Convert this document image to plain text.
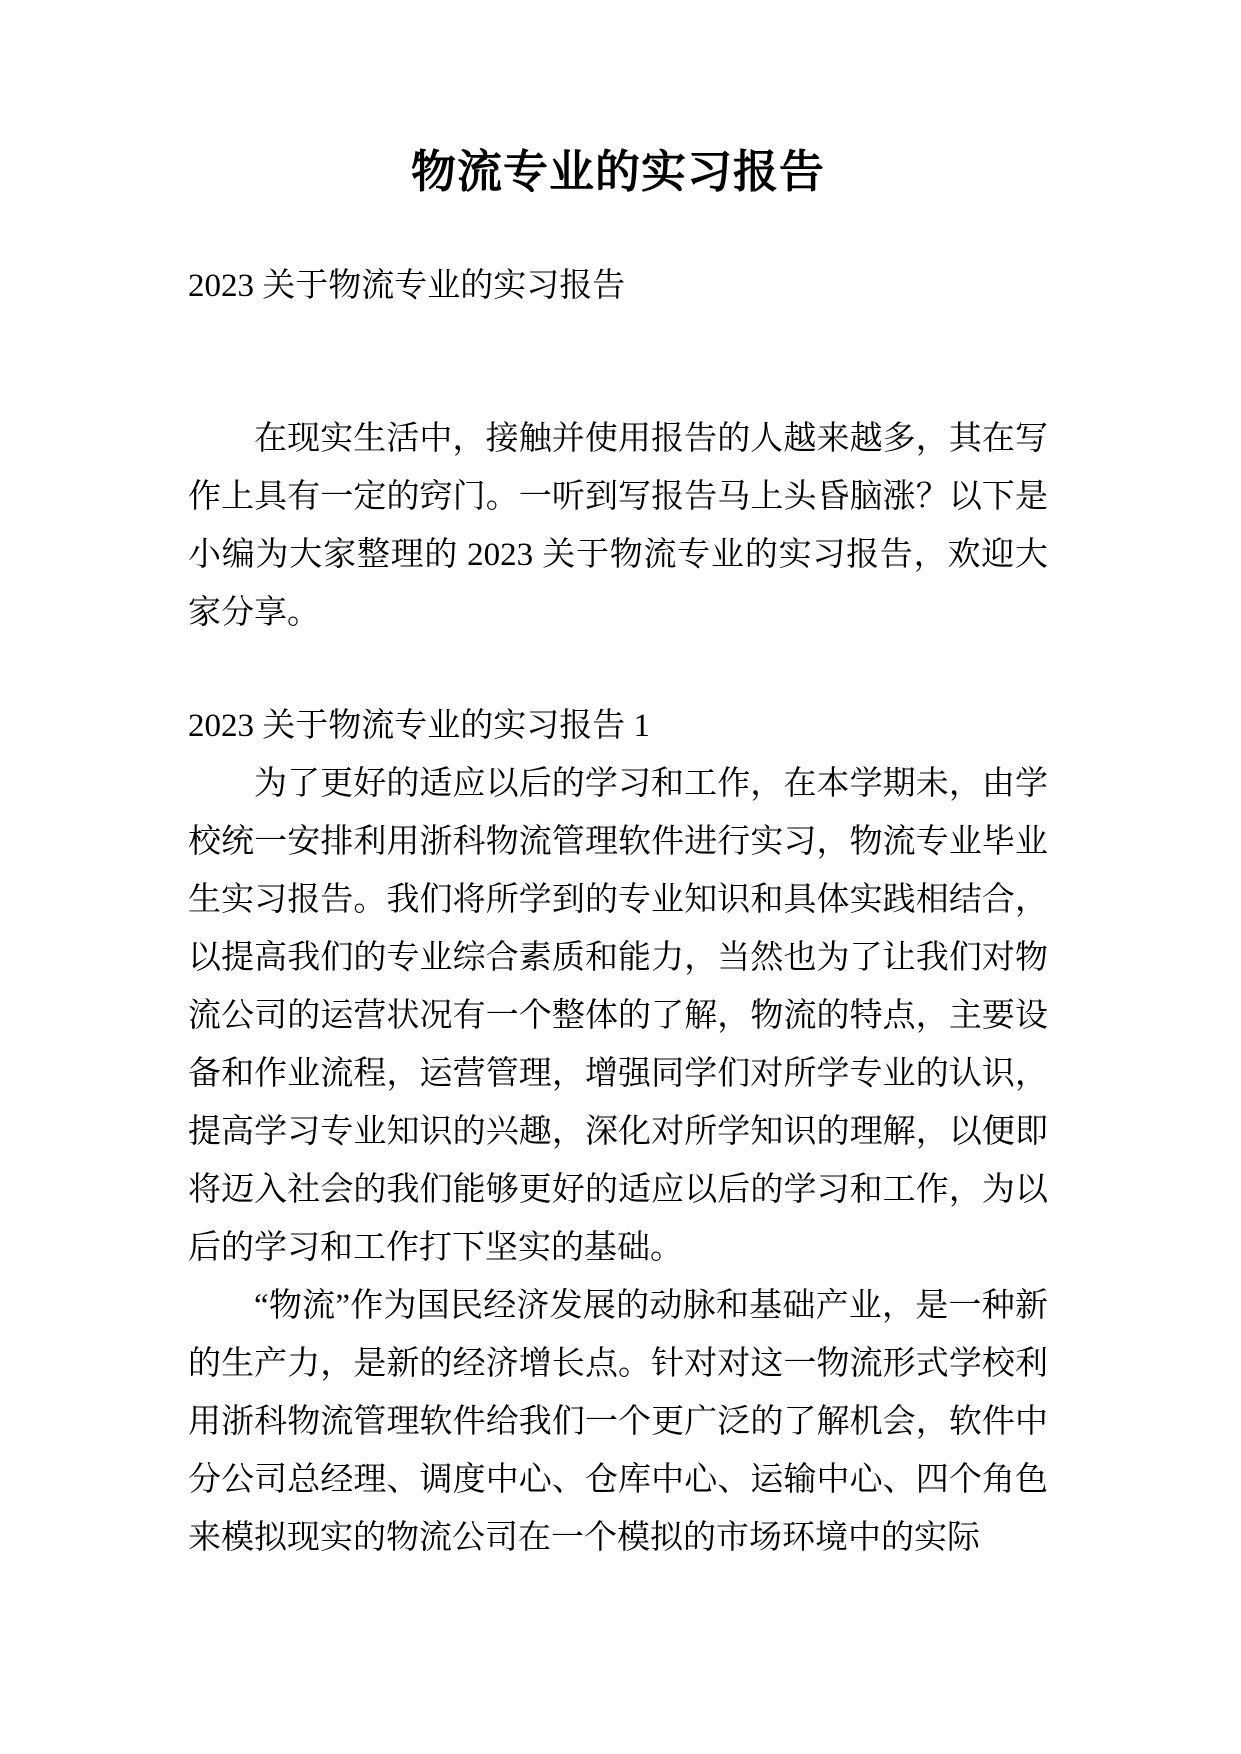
物流专业的实习报告

2023 关于物流专业的实习报告

在现实生活中，接触并使用报告的人越来越多，其在写作上具有一定的窍门。一听到写报告马上头昏脑涨？以下是小编为大家整理的 2023 关于物流专业的实习报告，欢迎大家分享。

2023 关于物流专业的实习报告 1

为了更好的适应以后的学习和工作，在本学期未，由学校统一安排利用浙科物流管理软件进行实习，物流专业毕业生实习报告。我们将所学到的专业知识和具体实践相结合，以提高我们的专业综合素质和能力，当然也为了让我们对物流公司的运营状况有一个整体的了解，物流的特点，主要设备和作业流程，运营管理，增强同学们对所学专业的认识，提高学习专业知识的兴趣，深化对所学知识的理解，以便即将迈入社会的我们能够更好的适应以后的学习和工作，为以后的学习和工作打下坚实的基础。

“物流”作为国民经济发展的动脉和基础产业，是一种新的生产力，是新的经济增长点。针对对这一物流形式学校利用浙科物流管理软件给我们一个更广泛的了解机会，软件中分公司总经理、调度中心、仓库中心、运输中心、四个角色来模拟现实的物流公司在一个模拟的市场环境中的实际
